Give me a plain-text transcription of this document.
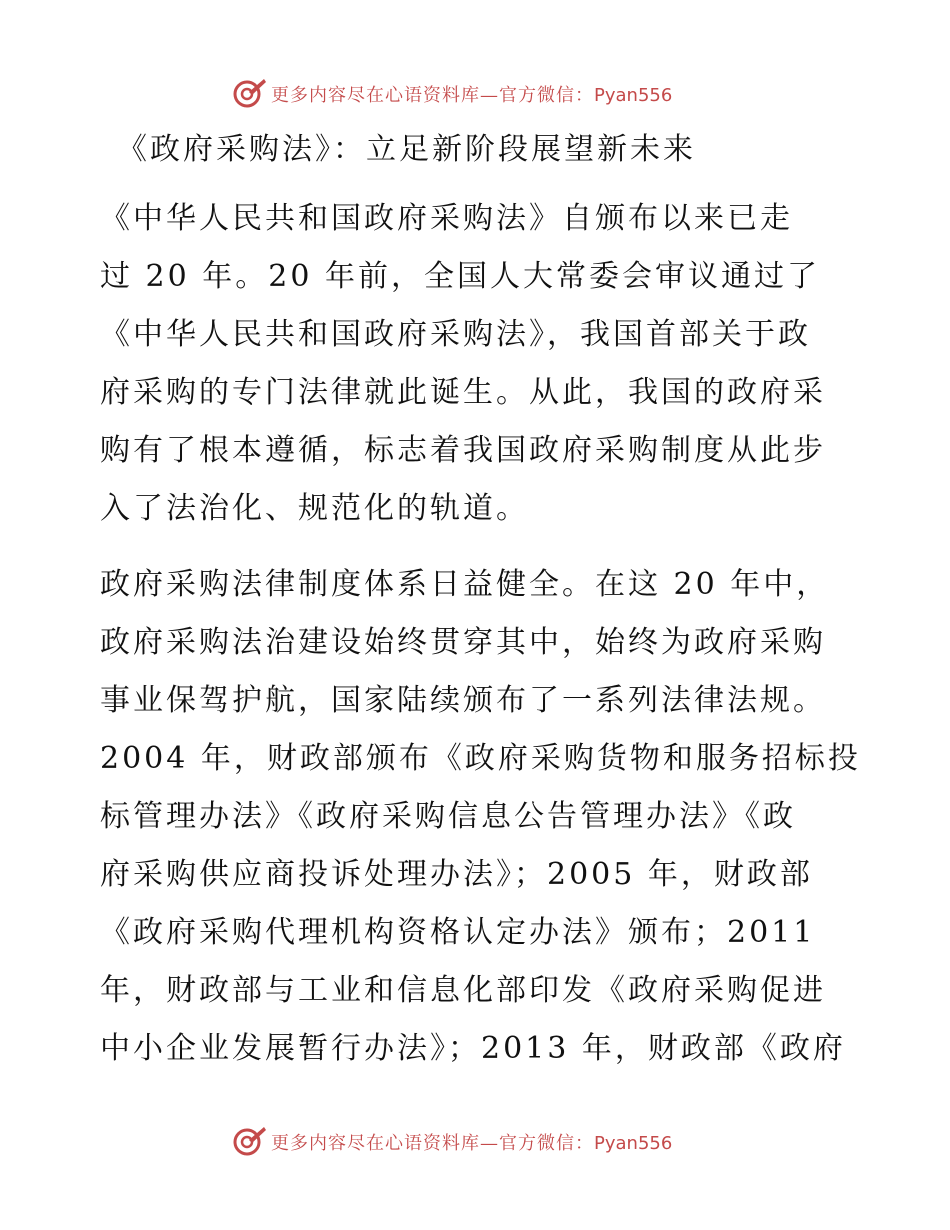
更多内容尽在心语资料库—官方微信：Pyan556
《政府采购法》：立足新阶段展望新未来
《中华人民共和国政府采购法》自颁布以来已走
过 20 年。20 年前，全国人大常委会审议通过了
《中华人民共和国政府采购法》，我国首部关于政
府采购的专门法律就此诞生。从此，我国的政府采
购有了根本遵循，标志着我国政府采购制度从此步
入了法治化、规范化的轨道。
政府采购法律制度体系日益健全。在这 20 年中，
政府采购法治建设始终贯穿其中，始终为政府采购
事业保驾护航，国家陆续颁布了一系列法律法规。
2004 年，财政部颁布《政府采购货物和服务招标投
标管理办法》《政府采购信息公告管理办法》《政
府采购供应商投诉处理办法》；2005 年，财政部
《政府采购代理机构资格认定办法》颁布；2011
年，财政部与工业和信息化部印发《政府采购促进
中小企业发展暂行办法》；2013 年，财政部《政府
更多内容尽在心语资料库—官方微信：Pyan556
